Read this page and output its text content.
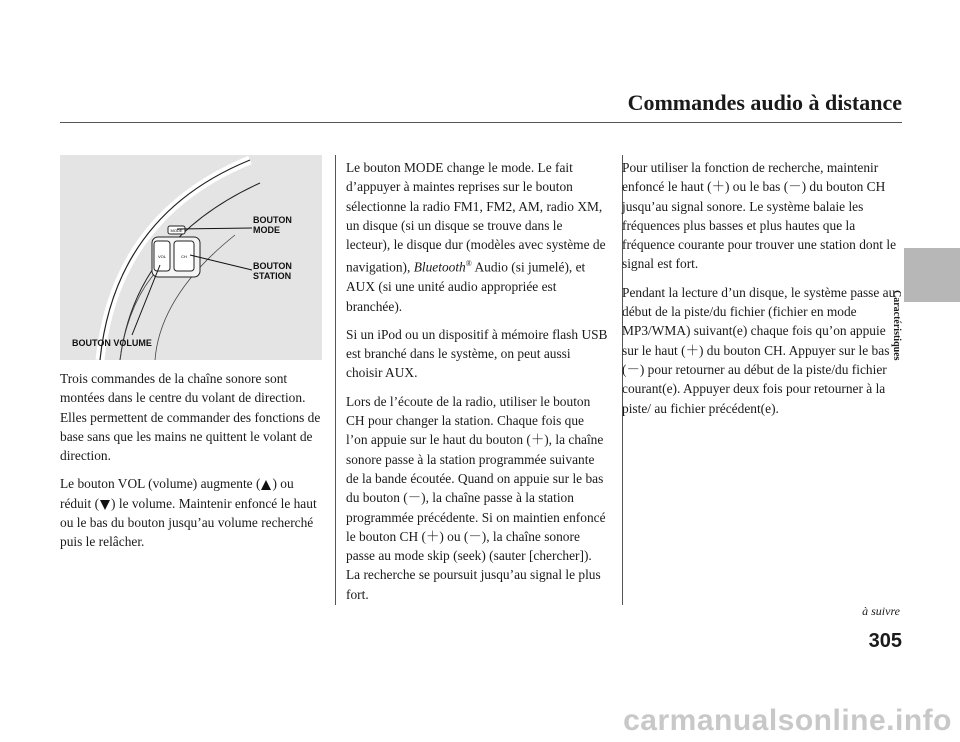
Commandes audio à distance
Caractéristiques
MODE
VOL	CH
BOUTON
MODE
BOUTON
STATION
BOUTON VOLUME

Trois commandes de la chaîne sonore sont montées dans le centre du volant de direction. Elles permettent de commander des fonctions de base sans que les mains ne quittent le volant de direction.

Le bouton VOL (volume) augmente ( ) ou réduit ( ) le volume. Maintenir enfoncé le haut ou le bas du bouton jusqu’au volume recherché puis le relâcher.

Le bouton MODE change le mode. Le fait d’appuyer à maintes reprises sur le bouton sélectionne la radio FM1, FM2, AM, radio XM, un disque (si un disque se trouve dans le lecteur), le disque dur (modèles avec système de navigation), Bluetooth® Audio (si jumelé), et AUX (si une unité audio appropriée est branchée).

Si un iPod ou un dispositif à mémoire flash USB est branché dans le système, on peut aussi choisir AUX.

Lors de l’écoute de la radio, utiliser le bouton CH pour changer la station. Chaque fois que l’on appuie sur le haut du bouton (＋), la chaîne sonore passe à la station programmée suivante de la bande écoutée. Quand on appuie sur le bas du bouton (－), la chaîne passe à la station programmée précédente. Si on maintien enfoncé le bouton CH (＋) ou (－), la chaîne sonore passe au mode skip (seek) (sauter [chercher]). La recherche se poursuit jusqu’au signal le plus fort.

Pour utiliser la fonction de recherche, maintenir enfoncé le haut (＋) ou le bas (－) du bouton CH jusqu’au signal sonore. Le système balaie les fréquences plus basses et plus hautes que la fréquence courante pour trouver une station dont le signal est fort.

Pendant la lecture d’un disque, le système passe au début de la piste/du fichier (fichier en mode MP3/WMA) suivant(e) chaque fois qu’on appuie sur le haut (＋) du bouton CH. Appuyer sur le bas (－) pour retourner au début de la piste/du fichier courant(e). Appuyer deux fois pour retourner à la piste/ au fichier précédent(e).

à suivre
305
carmanualsonline.info
